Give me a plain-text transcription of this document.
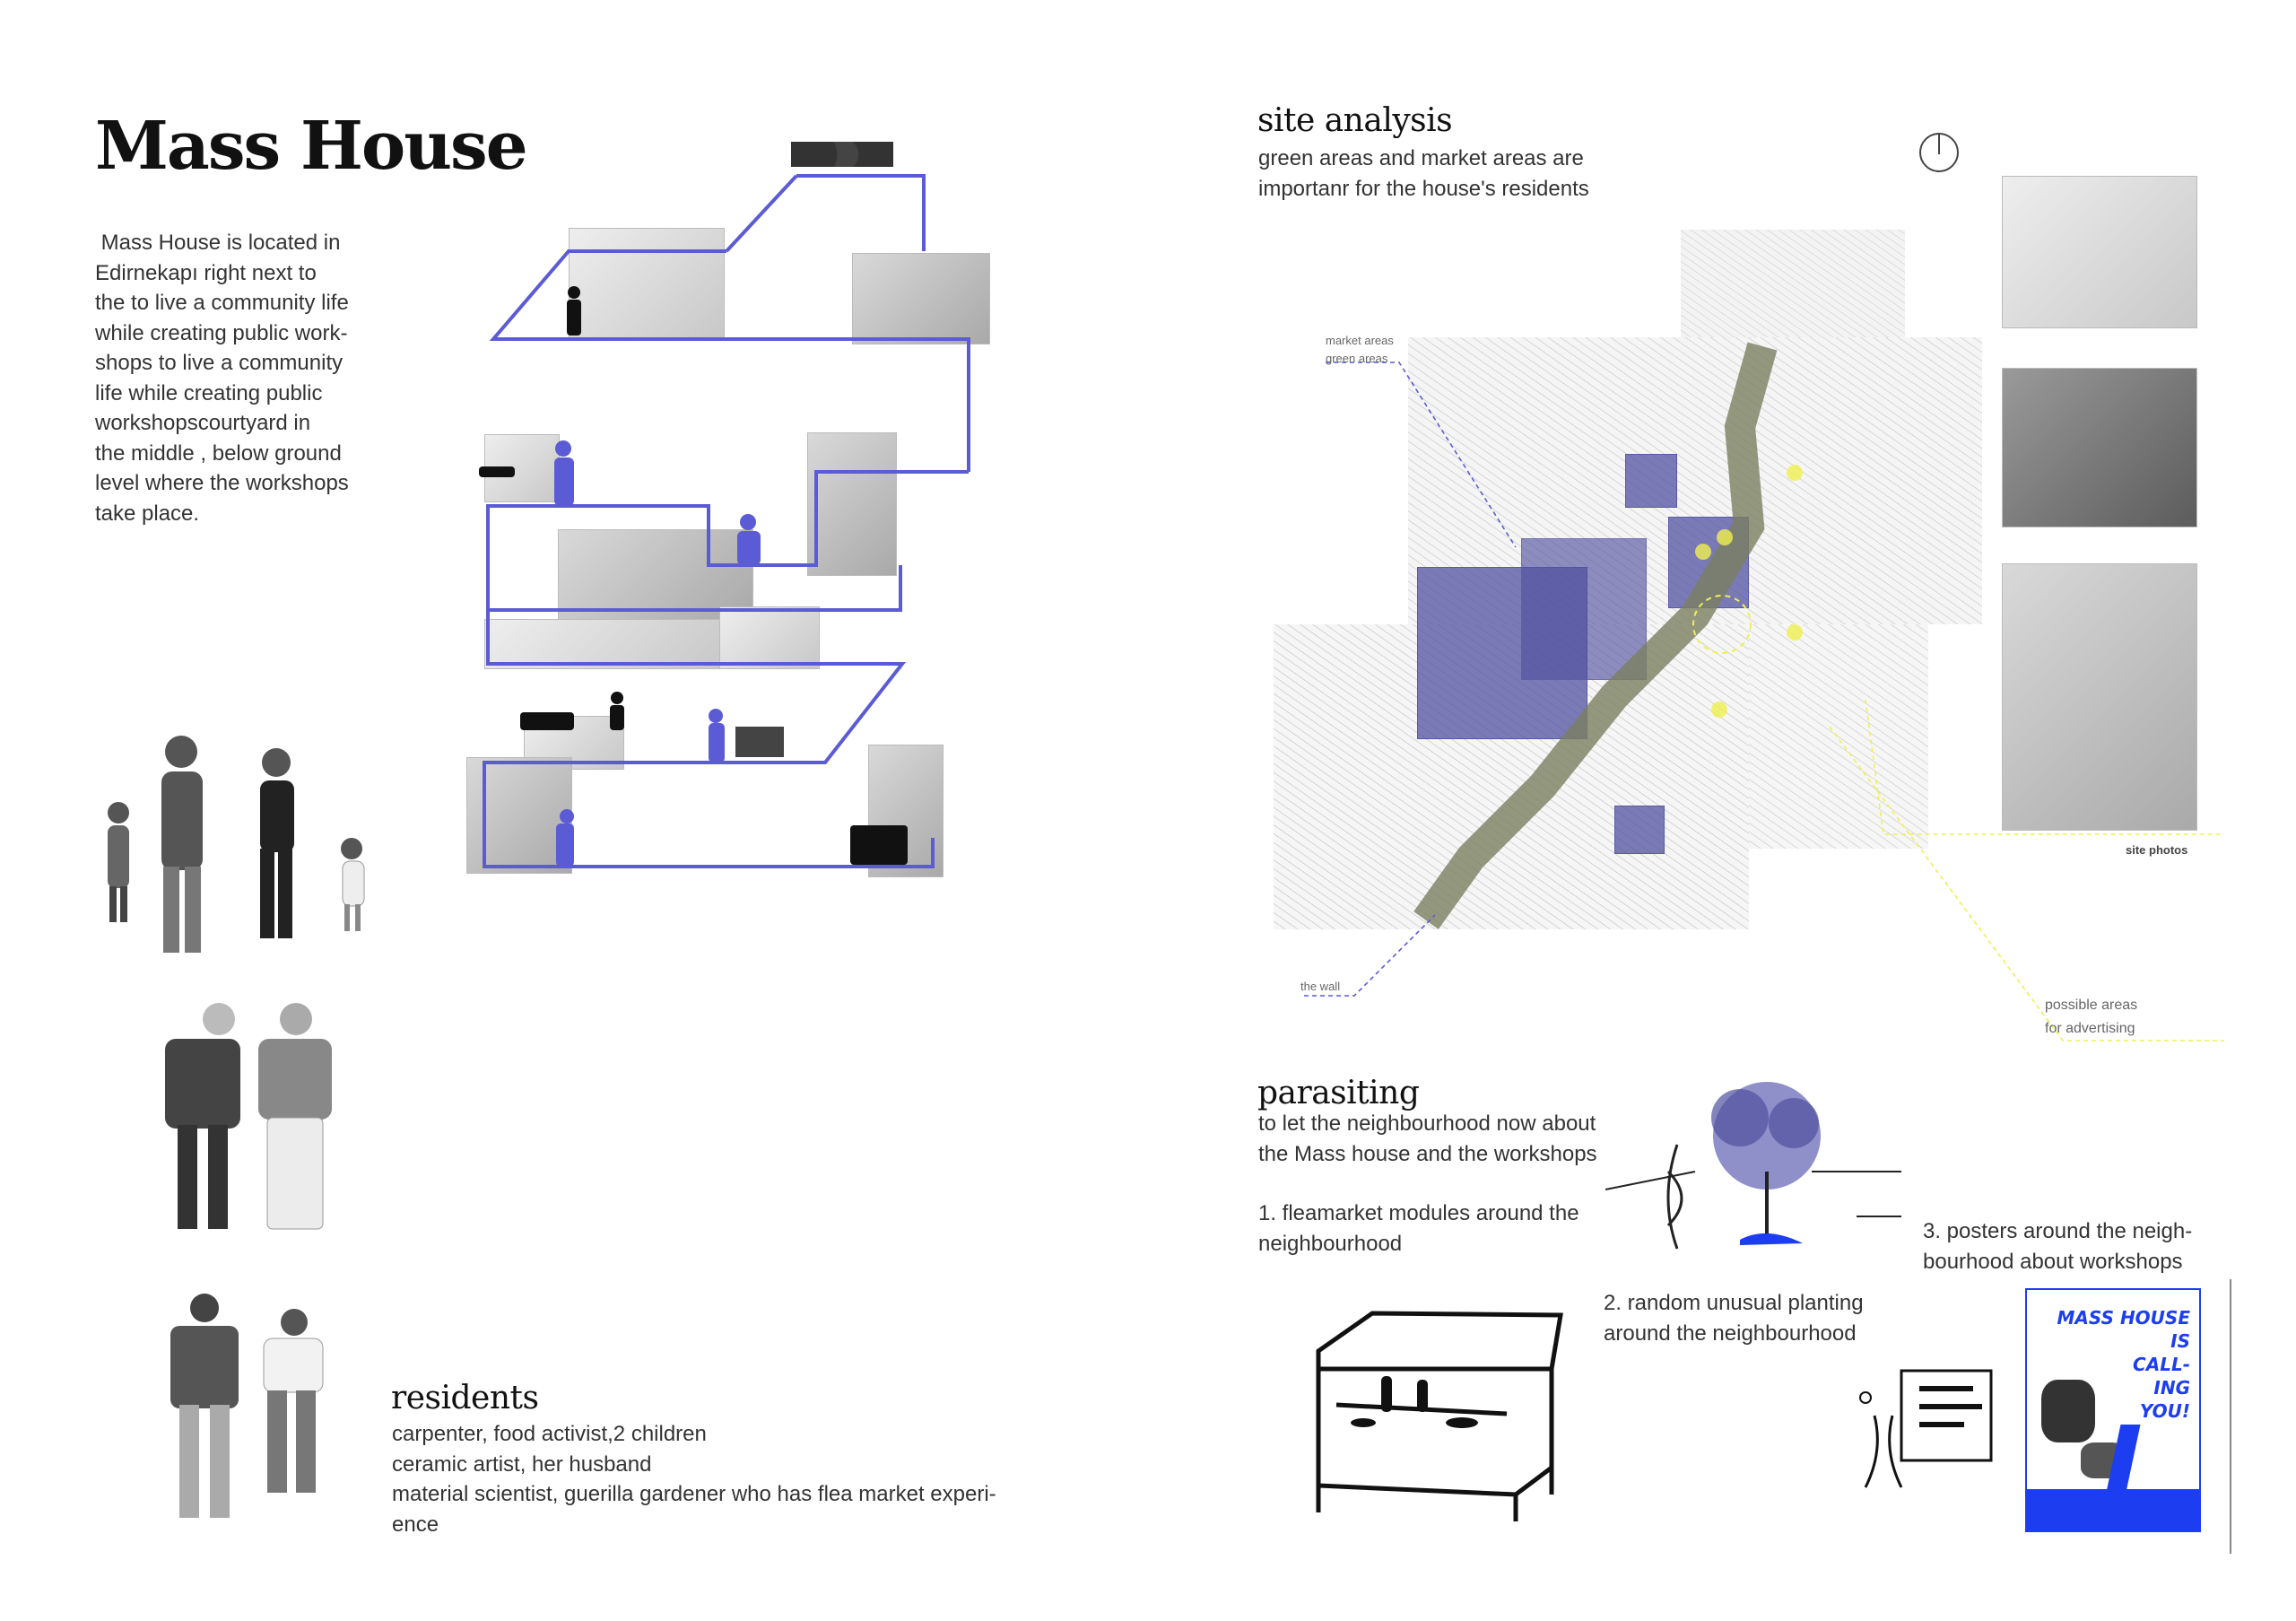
Mass House
Mass House is located in
Edirnekapı right next to
the to live a community life
while creating public work-
shops to live a community
life while creating public
workshopscourtyard in
the middle , below ground
level where the workshops
take place.
residents
carpenter, food activist,2 children
ceramic artist, her husband
material scientist, guerilla gardener who has flea market experi-
ence
site analysis
green areas and market areas are
importanr for the house's residents
market areas
green areas
the wall
site photos
possible areas
for advertising
parasiting
to let the neighbourhood now about
the Mass house and the workshops
1. fleamarket modules around the
neighbourhood
2. random unusual planting
around the neighbourhood
3. posters around the neigh-
bourhood about workshops
MASS HOUSE
IS
CALL-
ING
YOU!
